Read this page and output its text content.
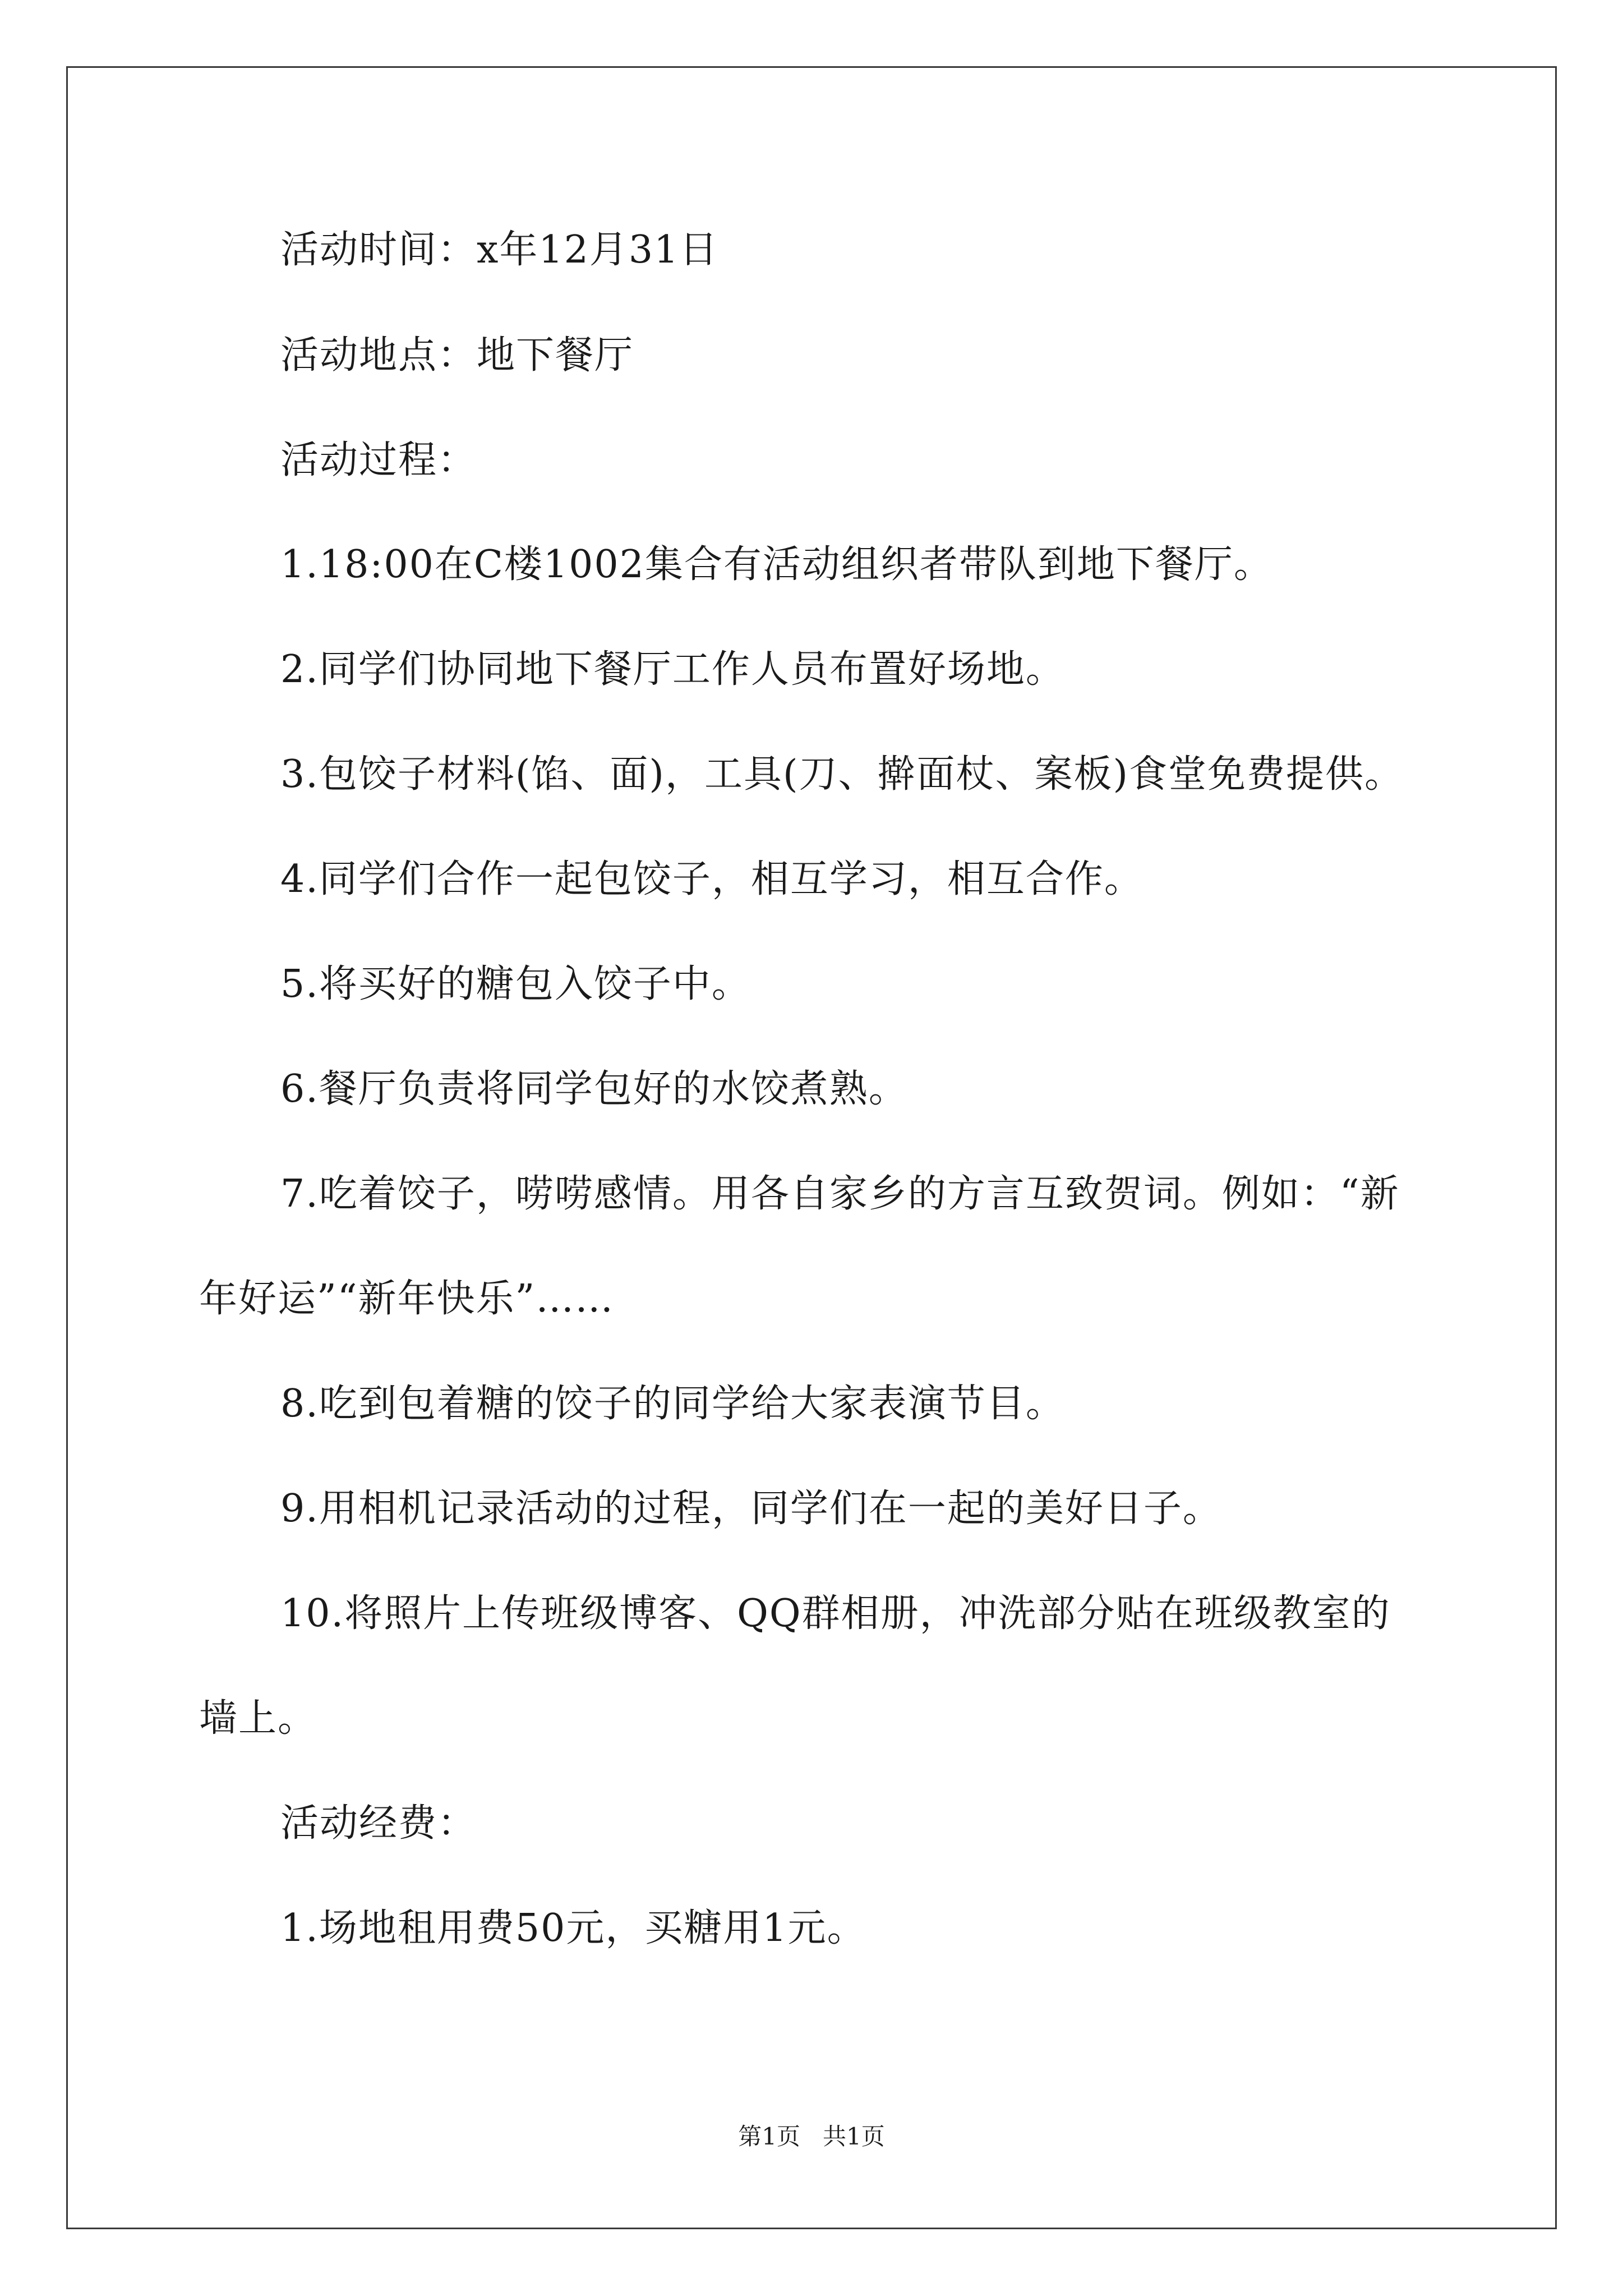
活动时间：x年12月31日
活动地点：地下餐厅
活动过程：
1.18:00在C楼1002集合有活动组织者带队到地下餐厅。
2.同学们协同地下餐厅工作人员布置好场地。
3.包饺子材料(馅、面)，工具(刀、擀面杖、案板)食堂免费提供。
4.同学们合作一起包饺子，相互学习，相互合作。
5.将买好的糖包入饺子中。
6.餐厅负责将同学包好的水饺煮熟。
7.吃着饺子，唠唠感情。用各自家乡的方言互致贺词。例如：“新
年好运”“新年快乐”……
8.吃到包着糖的饺子的同学给大家表演节目。
9.用相机记录活动的过程，同学们在一起的美好日子。
10.将照片上传班级博客、QQ群相册，冲洗部分贴在班级教室的
墙上。
活动经费：
1.场地租用费50元，买糖用1元。
第1页   共1页
